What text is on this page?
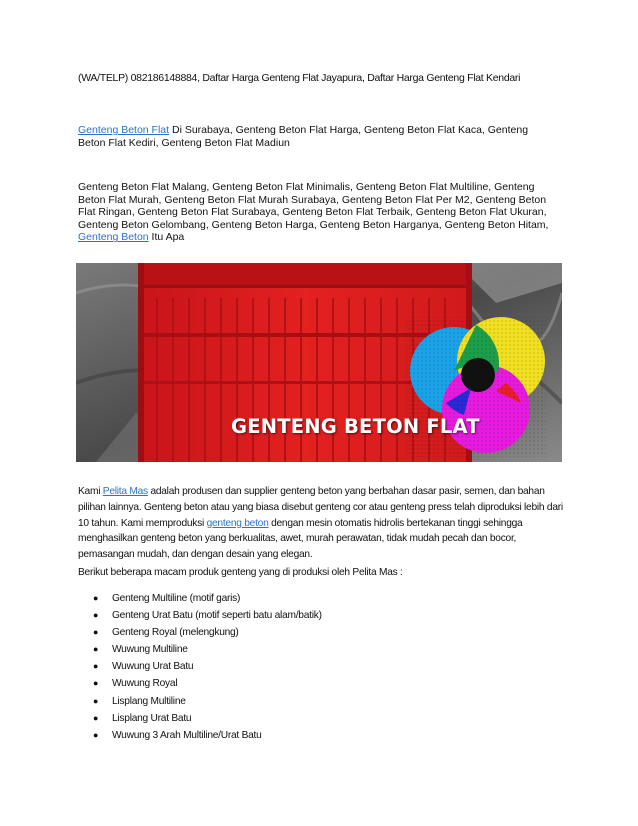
(WA/TELP) 082186148884, Daftar Harga Genteng Flat Jayapura, Daftar Harga Genteng Flat Kendari
Genteng Beton Flat Di Surabaya, Genteng Beton Flat Harga, Genteng Beton Flat Kaca, Genteng Beton Flat Kediri, Genteng Beton Flat Madiun
Genteng Beton Flat Malang, Genteng Beton Flat Minimalis, Genteng Beton Flat Multiline, Genteng Beton Flat Murah, Genteng Beton Flat Murah Surabaya, Genteng Beton Flat Per M2, Genteng Beton Flat Ringan, Genteng Beton Flat Surabaya, Genteng Beton Flat Terbaik, Genteng Beton Flat Ukuran, Genteng Beton Gelombang, Genteng Beton Harga, Genteng Beton Harganya, Genteng Beton Hitam, Genteng Beton Itu Apa
GENTENG BETON FLAT
Kami Pelita Mas adalah produsen dan supplier genteng beton yang berbahan dasar pasir, semen, dan bahan pilihan lainnya. Genteng beton atau yang biasa disebut genteng cor atau genteng press telah diproduksi lebih dari 10 tahun. Kami memproduksi genteng beton dengan mesin otomatis hidrolis bertekanan tinggi sehingga menghasilkan genteng beton yang berkualitas, awet, murah perawatan, tidak mudah pecah dan bocor, pemasangan mudah, dan dengan desain yang elegan.
Berikut beberapa macam produk genteng yang di produksi oleh Pelita Mas :
● Genteng Multiline (motif garis)
● Genteng Urat Batu (motif seperti batu alam/batik)
● Genteng Royal (melengkung)
● Wuwung Multiline
● Wuwung Urat Batu
● Wuwung Royal
● Lisplang Multiline
● Lisplang Urat Batu
● Wuwung 3 Arah Multiline/Urat Batu
